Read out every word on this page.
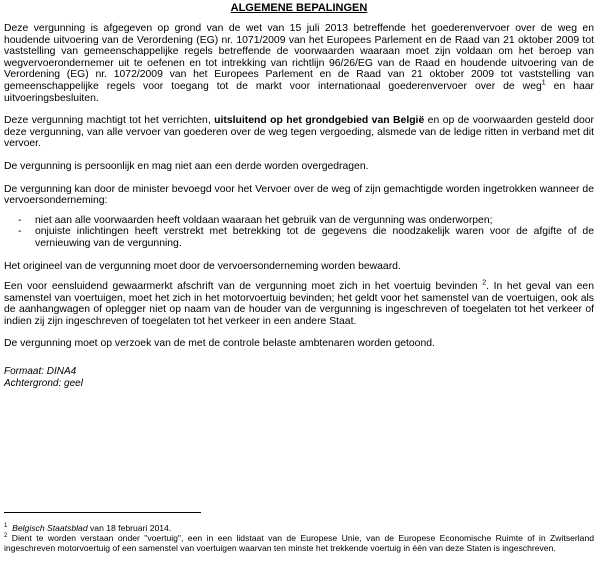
ALGEMENE BEPALINGEN

Deze vergunning is afgegeven op grond van de wet van 15 juli 2013 betreffende het goederenvervoer over de weg en houdende uitvoering van de Verordening (EG) nr. 1071/2009 van het Europees Parlement en de Raad van 21 oktober 2009 tot vaststelling van gemeenschappelijke regels betreffende de voorwaarden waaraan moet zijn voldaan om het beroep van wegvervoerondernemer uit te oefenen en tot intrekking van richtlijn 96/26/EG van de Raad en houdende uitvoering van de Verordening (EG) nr. 1072/2009 van het Europees Parlement en de Raad van 21 oktober 2009 tot vaststelling van gemeenschappelijke regels voor toegang tot de markt voor internationaal goederenvervoer over de weg$^1$ en haar uitvoeringsbesluiten.

Deze vergunning machtigt tot het verrichten, uitsluitend op het grondgebied van België en op de voorwaarden gesteld door deze vergunning, van alle vervoer van goederen over de weg tegen vergoeding, alsmede van de ledige ritten in verband met dit vervoer.

De vergunning is persoonlijk en mag niet aan een derde worden overgedragen.

De vergunning kan door de minister bevoegd voor het Vervoer over de weg of zijn gemachtigde worden ingetrokken wanneer de vervoersonderneming:

- niet aan alle voorwaarden heeft voldaan waaraan het gebruik van de vergunning was onderworpen;
- onjuiste inlichtingen heeft verstrekt met betrekking tot de gegevens die noodzakelijk waren voor de afgifte of de vernieuwing van de vergunning.

Het origineel van de vergunning moet door de vervoersonderneming worden bewaard.

Een voor eensluidend gewaarmerkt afschrift van de vergunning moet zich in het voertuig bevinden $^2$. In het geval van een samenstel van voertuigen, moet het zich in het motorvoertuig bevinden; het geldt voor het samenstel van de voertuigen, ook als de aanhangwagen of oplegger niet op naam van de houder van de vergunning is ingeschreven of toegelaten tot het verkeer of indien zij zijn ingeschreven of toegelaten tot het verkeer in een andere Staat.

De vergunning moet op verzoek van de met de controle belaste ambtenaren worden getoond.

Formaat: DINA4
Achtergrond: geel
$^1$ Belgisch Staatsblad van 18 februari 2014.
$^2$ Dient te worden verstaan onder "voertuig", een in een lidstaat van de Europese Unie, van de Europese Economische Ruimte of in Zwitserland ingeschreven motorvoertuig of een samenstel van voertuigen waarvan ten minste het trekkende voertuig in één van deze Staten is ingeschreven.
